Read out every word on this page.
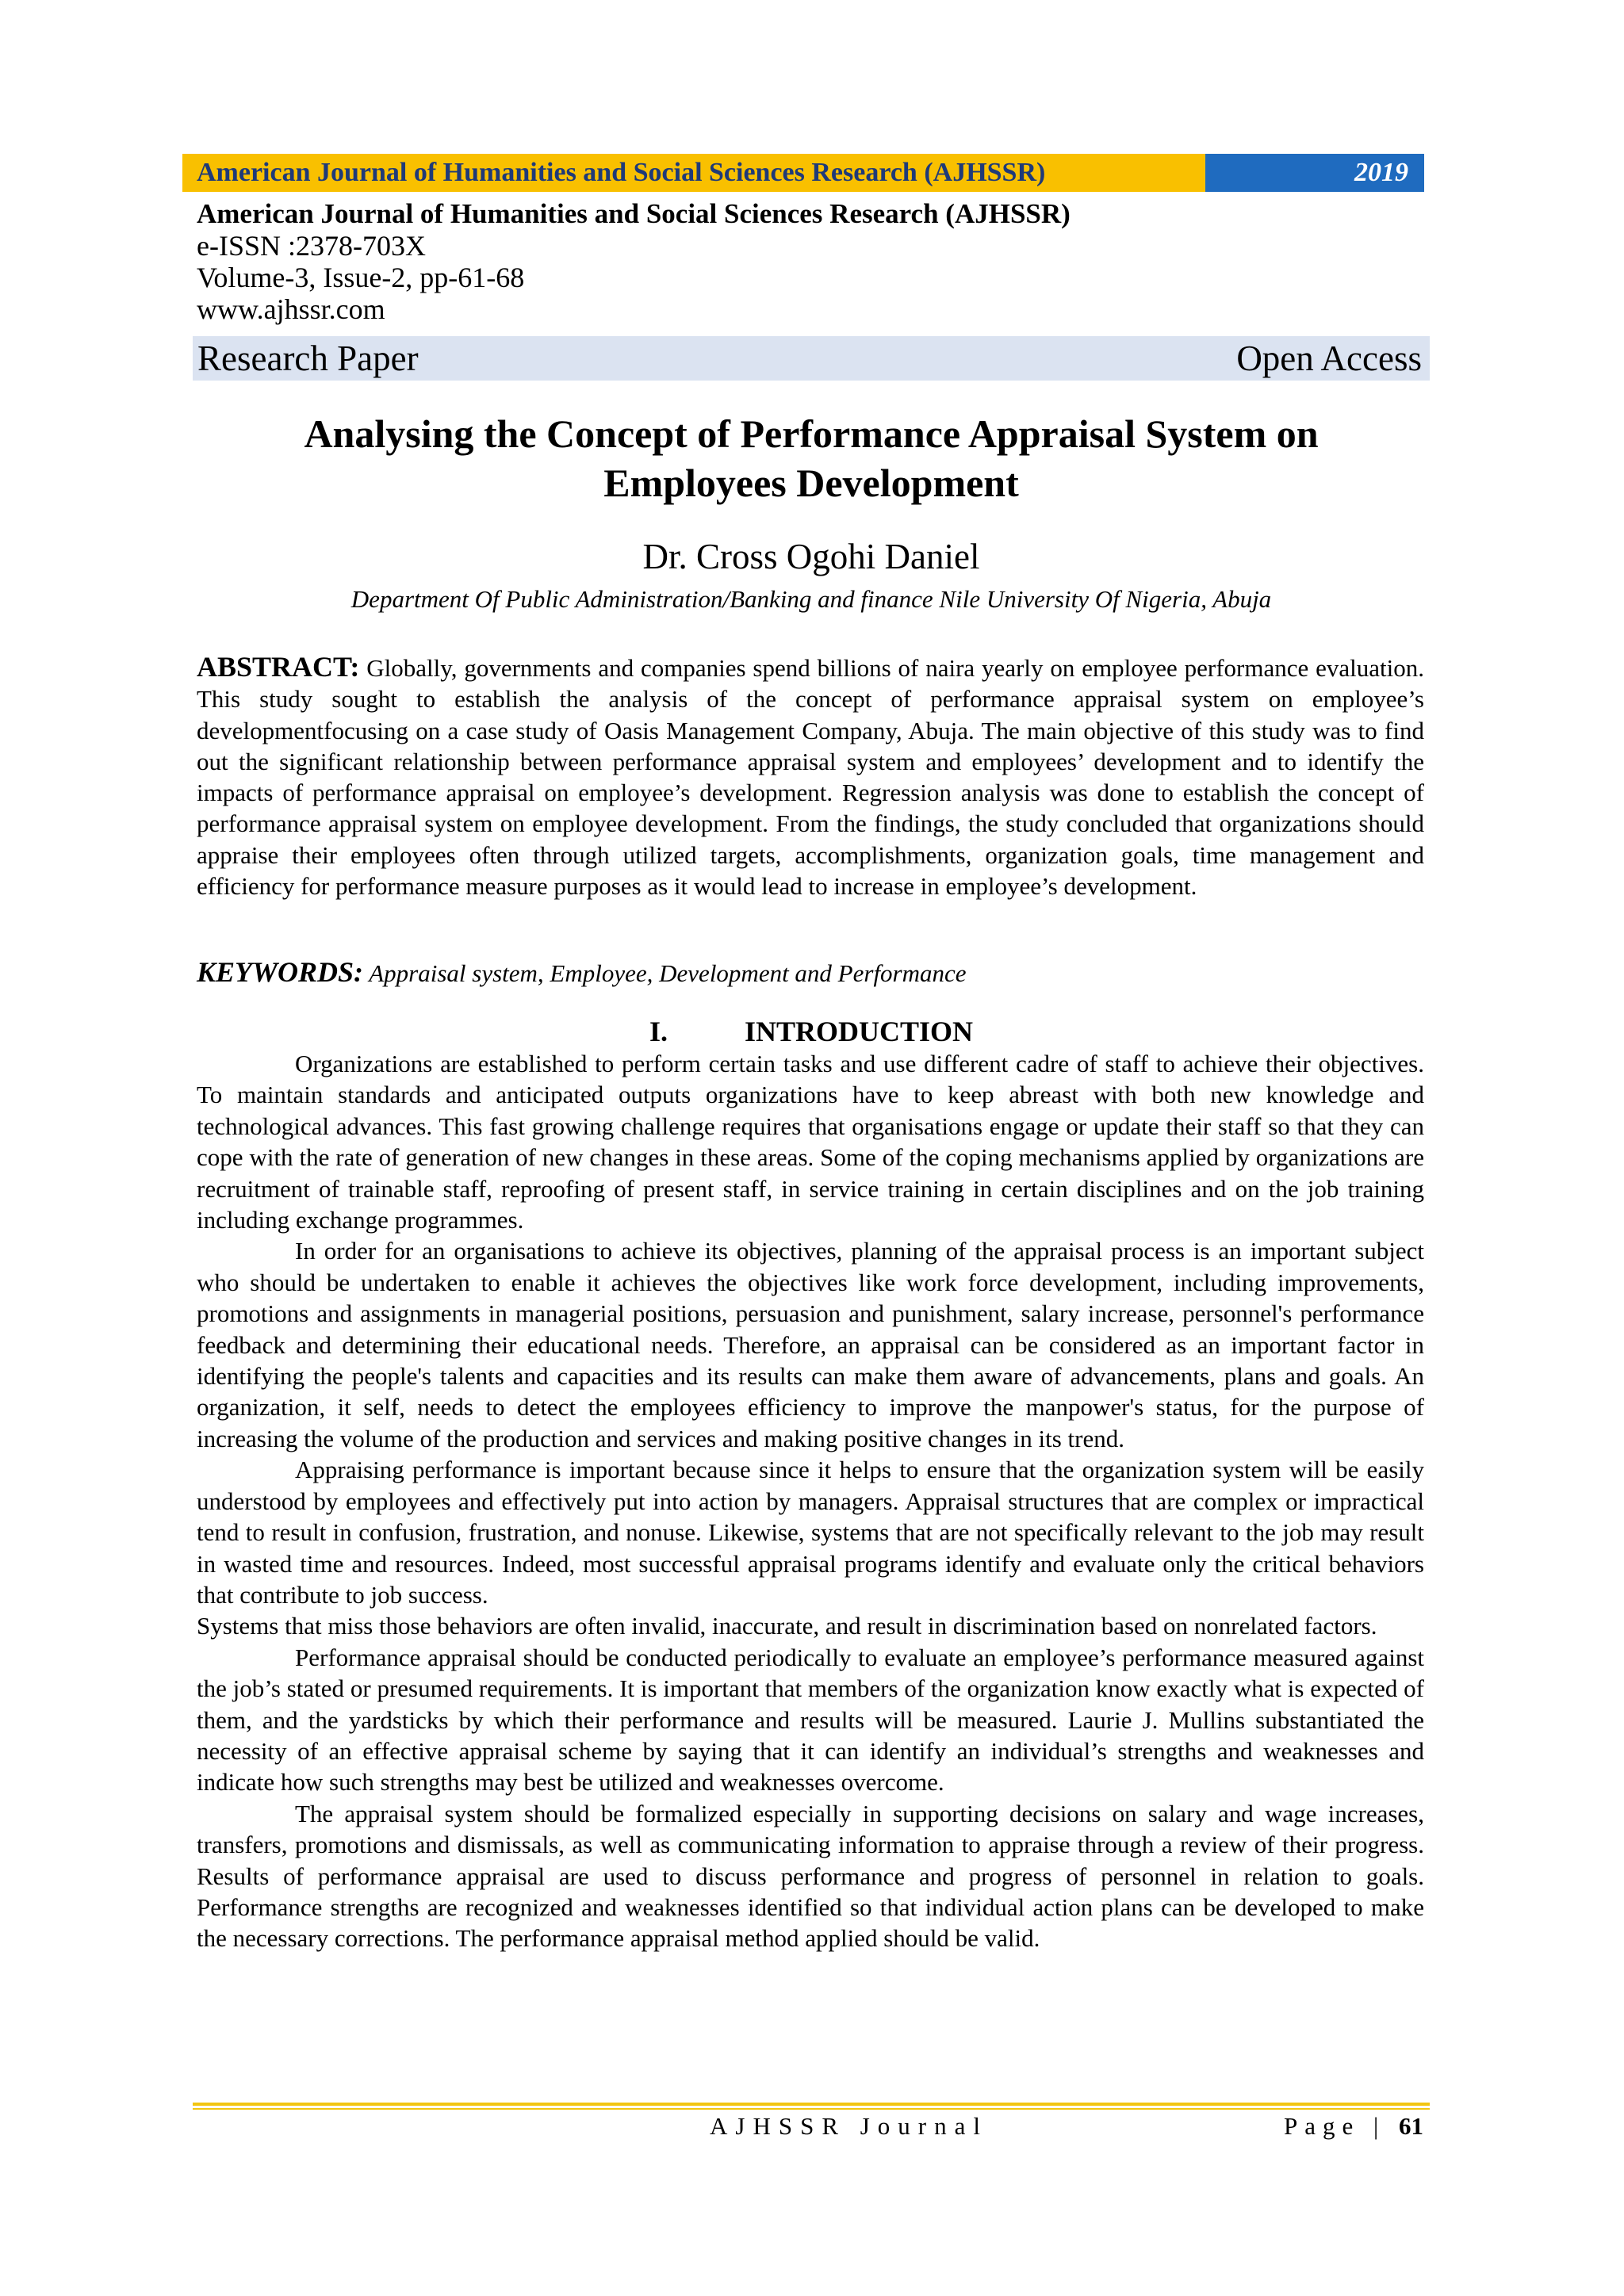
American Journal of Humanities and Social Sciences Research (AJHSSR)	2019
American Journal of Humanities and Social Sciences Research (AJHSSR)
e-ISSN :2378-703X
Volume-3, Issue-2, pp-61-68
www.ajhssr.com
Research Paper	Open Access
Analysing the Concept of Performance Appraisal System on
Employees Development
Dr. Cross Ogohi Daniel
Department Of Public Administration/Banking and finance Nile University Of Nigeria, Abuja
ABSTRACT: Globally, governments and companies spend billions of naira yearly on employee performance evaluation. This study sought to establish the analysis of the concept of performance appraisal system on employee’s developmentfocusing on a case study of Oasis Management Company, Abuja. The main objective of this study was to find out the significant relationship between performance appraisal system and employees’ development and to identify the impacts of performance appraisal on employee’s development. Regression analysis was done to establish the concept of performance appraisal system on employee development. From the findings, the study concluded that organizations should appraise their employees often through utilized targets, accomplishments, organization goals, time management and efficiency for performance measure purposes as it would lead to increase in employee’s development.
KEYWORDS: Appraisal system, Employee, Development and Performance
I.	INTRODUCTION

Organizations are established to perform certain tasks and use different cadre of staff to achieve their objectives. To maintain standards and anticipated outputs organizations have to keep abreast with both new knowledge and technological advances. This fast growing challenge requires that organisations engage or update their staff so that they can cope with the rate of generation of new changes in these areas. Some of the coping mechanisms applied by organizations are recruitment of trainable staff, reproofing of present staff, in service training in certain disciplines and on the job training including exchange programmes.

In order for an organisations to achieve its objectives, planning of the appraisal process is an important subject who should be undertaken to enable it achieves the objectives like work force development, including improvements, promotions and assignments in managerial positions, persuasion and punishment, salary increase, personnel's performance feedback and determining their educational needs. Therefore, an appraisal can be considered as an important factor in identifying the people's talents and capacities and its results can make them aware of advancements, plans and goals. An organization, it self, needs to detect the employees efficiency to improve the manpower's status, for the purpose of increasing the volume of the production and services and making positive changes in its trend.

Appraising performance is important because since it helps to ensure that the organization system will be easily understood by employees and effectively put into action by managers. Appraisal structures that are complex or impractical tend to result in confusion, frustration, and nonuse. Likewise, systems that are not specifically relevant to the job may result in wasted time and resources. Indeed, most successful appraisal programs identify and evaluate only the critical behaviors that contribute to job success.

Systems that miss those behaviors are often invalid, inaccurate, and result in discrimination based on nonrelated factors.

Performance appraisal should be conducted periodically to evaluate an employee’s performance measured against the job’s stated or presumed requirements. It is important that members of the organization know exactly what is expected of them, and the yardsticks by which their performance and results will be measured. Laurie J. Mullins substantiated the necessity of an effective appraisal scheme by saying that it can identify an individual’s strengths and weaknesses and indicate how such strengths may best be utilized and weaknesses overcome.

The appraisal system should be formalized especially in supporting decisions on salary and wage increases, transfers, promotions and dismissals, as well as communicating information to appraise through a review of their progress. Results of performance appraisal are used to discuss performance and progress of personnel in relation to goals. Performance strengths are recognized and weaknesses identified so that individual action plans can be developed to make the necessary corrections. The performance appraisal method applied should be valid.

AJHSSR Journal	Page | 61
